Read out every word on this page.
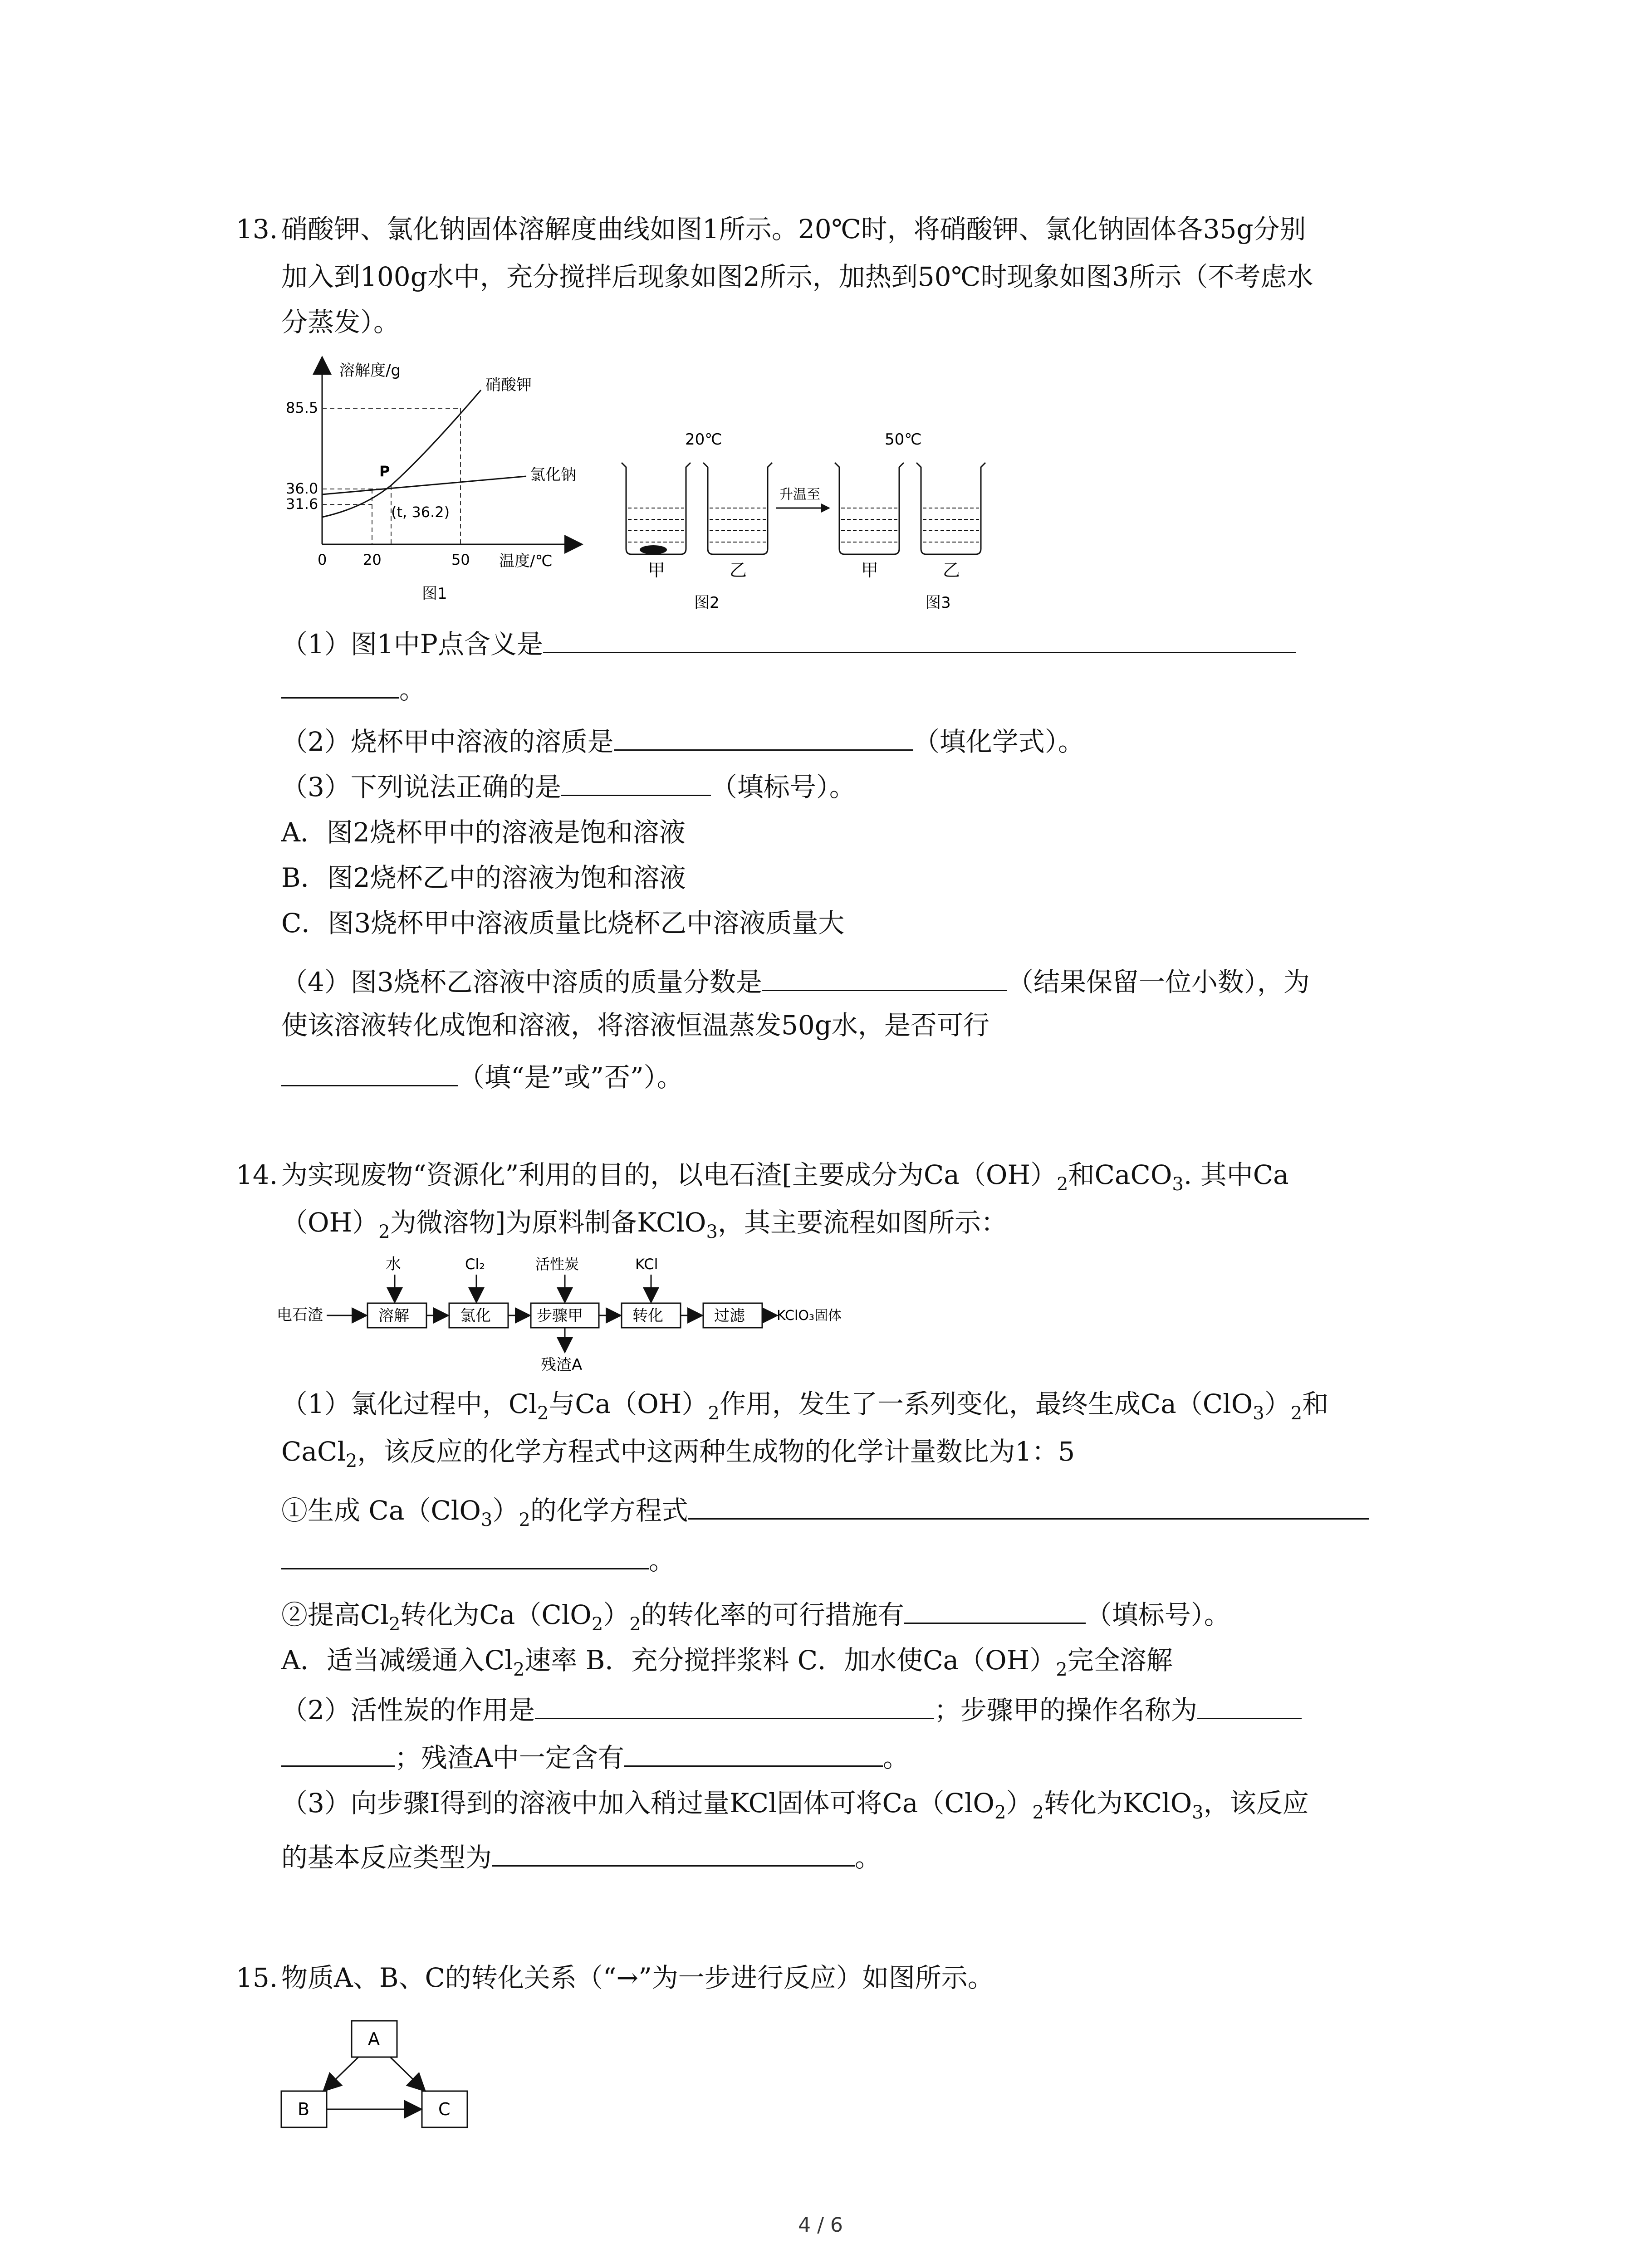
13. 硝酸钾、氯化钠固体溶解度曲线如图1所示。20℃时，将硝酸钾、氯化钠固体各35g分别
加入到100g水中，充分搅拌后现象如图2所示，加热到50℃时现象如图3所示（不考虑水
分蒸发）。
溶解度/g
温度/℃
85.5
36.0
31.6
0 20	50
硝酸钾
氯化钠
P
(t, 36.2)
图1
20℃	50℃
升温至
甲	乙	甲	乙
图2	图3
（1）图1中P点含义是
。
（2）烧杯甲中溶液的溶质是	（填化学式）。
（3）下列说法正确的是	（填标号）。
A．图2烧杯甲中的溶液是饱和溶液
B．图2烧杯乙中的溶液为饱和溶液
C．图3烧杯甲中溶液质量比烧杯乙中溶液质量大
（4）图3烧杯乙溶液中溶质的质量分数是	（结果保留一位小数），为
使该溶液转化成饱和溶液，将溶液恒温蒸发50g水，是否可行
（填“是”或”否”）。
14. 为实现废物“资源化”利用的目的，以电石渣[主要成分为$Ca(OH)_2$和CaCO$_3$. 其中Ca
$(OH)_2$为微溶物]为原料制备KClO$_3$，其主要流程如图所示：
电石渣	溶解	氯化	步骤甲	转化	过滤 KClO₃固体
水	Cl₂	活性炭	KCl
残渣A
（1）氯化过程中，$Cl_2$与$Ca(OH)_2$作用，发生了一系列变化，最终生成$Ca(ClO_3)_2$和
CaCl$_2$，该反应的化学方程式中这两种生成物的化学计量数比为1：5
①生成 $Ca(ClO_3)_2$的化学方程式
。
②提高$Cl_2$转化为$Ca(ClO_2)_2$的转化率的可行措施有	（填标号）。
A．适当减缓通入$Cl_2$速率 B．充分搅拌浆料 C．加水使$Ca(OH)_2$完全溶解
（2）活性炭的作用是	；步骤甲的操作名称为
；残渣A中一定含有	。
（3）向步骤I得到的溶液中加入稍过量KCl固体可将$Ca(ClO_2)_2$转化为KClO$_3$，该反应
的基本反应类型为	。
15. 物质A、B、C的转化关系（“→”为一步进行反应）如图所示。
A
B	C
4 / 6
